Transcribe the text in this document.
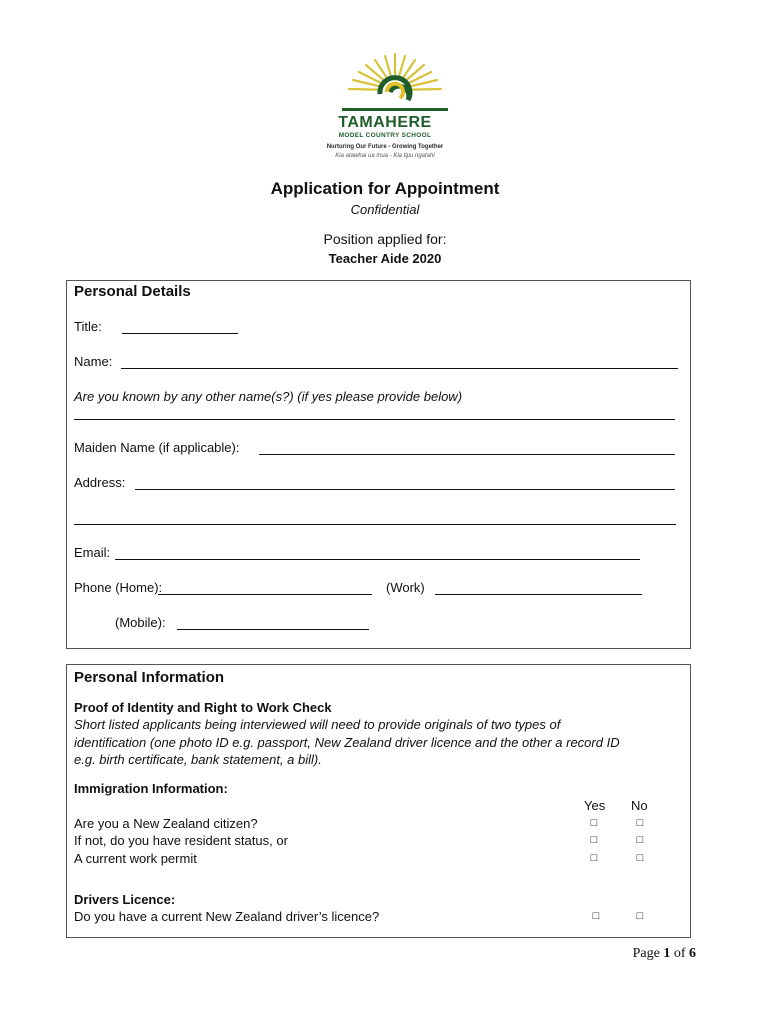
TAMAHERE
MODEL COUNTRY SCHOOL
Nurturing Our Future - Growing Together
Kia atawhai ua mua - Kia tipu ngatahi
Application for Appointment
Confidential
Position applied for:
Teacher Aide 2020
Personal Details
Title:
Name:
Are you known by any other name(s?) (if yes please provide below)
Maiden Name (if applicable):
Address:
Email:
Phone (Home):	(Work)
(Mobile):
Personal Information
Proof of Identity and Right to Work Check
Short listed applicants being interviewed will need to provide originals of two types of
identification (one photo ID e.g. passport, New Zealand driver licence and the other a record ID
e.g. birth certificate, bank statement, a bill).
Immigration Information:
Yes No
Are you a New Zealand citizen?	□	□
If not, do you have resident status, or	□	□
A current work permit	□	□
Drivers Licence:
Do you have a current New Zealand driver’s licence?	□	□
Page 1 of 6
